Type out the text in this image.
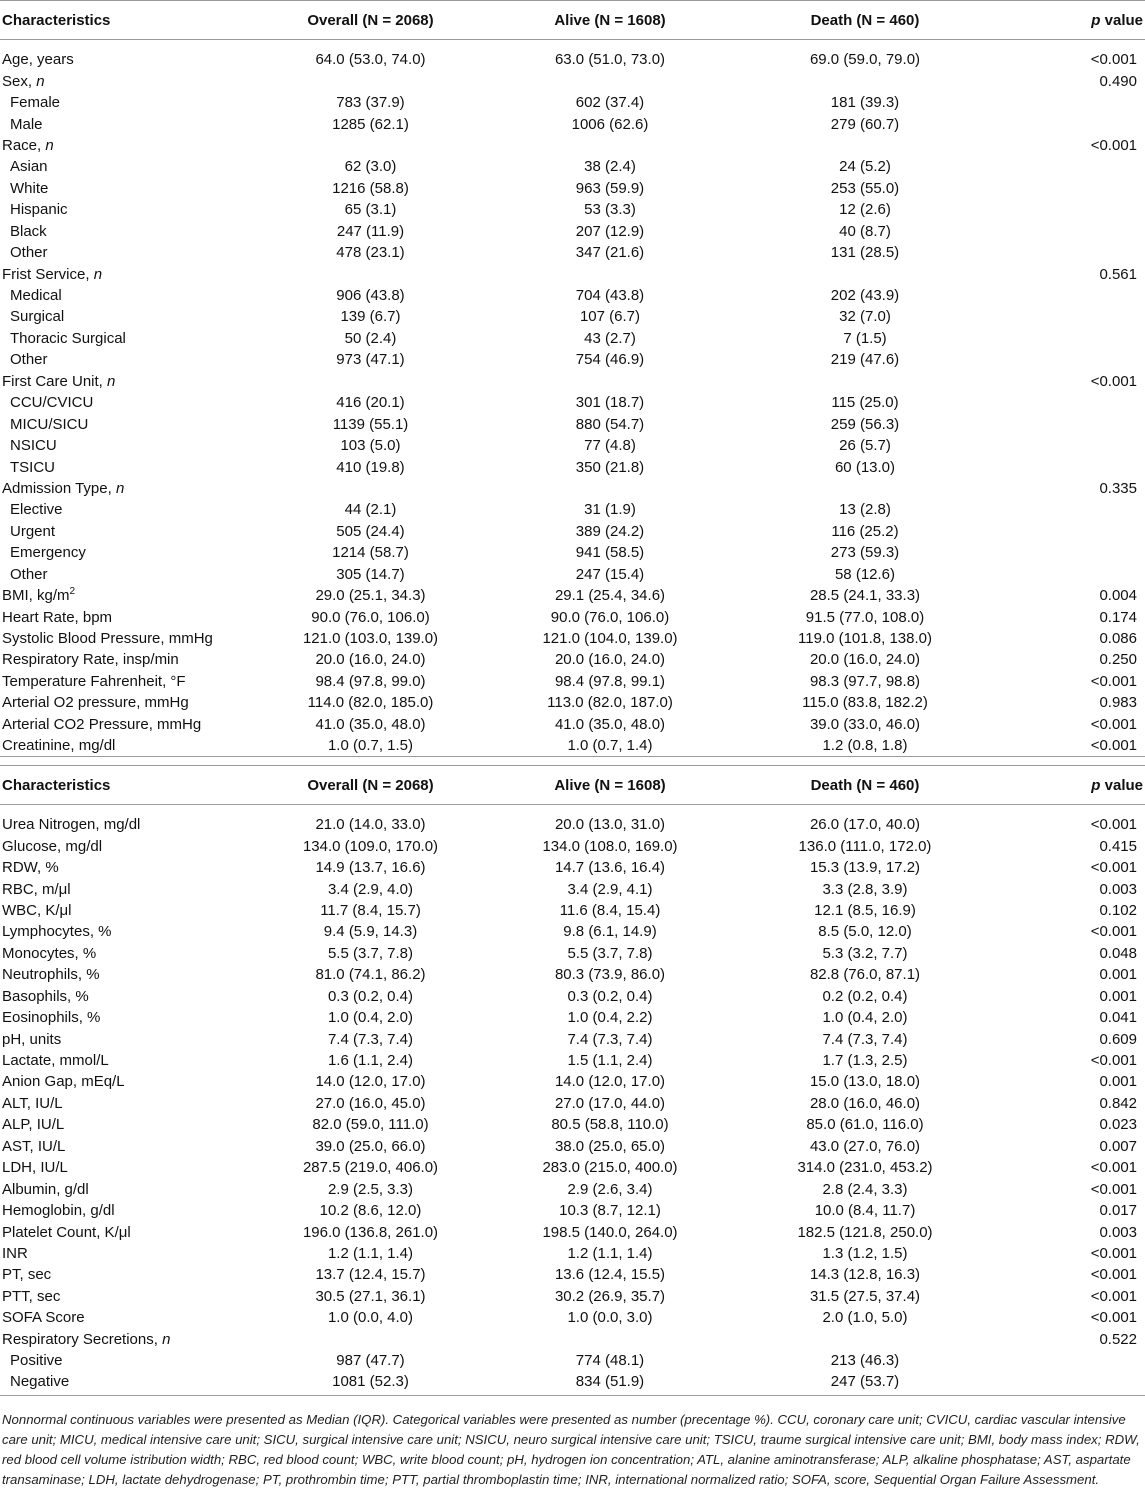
Characteristics	Overall (N = 2068)	Alive (N = 1608)	Death (N = 460)	p value

Age, years	64.0 (53.0, 74.0)	63.0 (51.0, 73.0)	69.0 (59.0, 79.0)	<0.001
Sex, n				0.490
Female	783 (37.9)	602 (37.4)	181 (39.3)	
Male	1285 (62.1)	1006 (62.6)	279 (60.7)	
Race, n				<0.001
Asian	62 (3.0)	38 (2.4)	24 (5.2)	
White	1216 (58.8)	963 (59.9)	253 (55.0)	
Hispanic	65 (3.1)	53 (3.3)	12 (2.6)	
Black	247 (11.9)	207 (12.9)	40 (8.7)	
Other	478 (23.1)	347 (21.6)	131 (28.5)	
Frist Service, n				0.561
Medical	906 (43.8)	704 (43.8)	202 (43.9)	
Surgical	139 (6.7)	107 (6.7)	32 (7.0)	
Thoracic Surgical	50 (2.4)	43 (2.7)	7 (1.5)	
Other	973 (47.1)	754 (46.9)	219 (47.6)	
First Care Unit, n				<0.001
CCU/CVICU	416 (20.1)	301 (18.7)	115 (25.0)	
MICU/SICU	1139 (55.1)	880 (54.7)	259 (56.3)	
NSICU	103 (5.0)	77 (4.8)	26 (5.7)	
TSICU	410 (19.8)	350 (21.8)	60 (13.0)	
Admission Type, n				0.335
Elective	44 (2.1)	31 (1.9)	13 (2.8)	
Urgent	505 (24.4)	389 (24.2)	116 (25.2)	
Emergency	1214 (58.7)	941 (58.5)	273 (59.3)	
Other	305 (14.7)	247 (15.4)	58 (12.6)	
BMI, $kg/m^2$	29.0 (25.1, 34.3)	29.1 (25.4, 34.6)	28.5 (24.1, 33.3)	0.004
Heart Rate, bpm	90.0 (76.0, 106.0)	90.0 (76.0, 106.0)	91.5 (77.0, 108.0)	0.174
Systolic Blood Pressure, mmHg	121.0 (103.0, 139.0)	121.0 (104.0, 139.0)	119.0 (101.8, 138.0)	0.086
Respiratory Rate, insp/min	20.0 (16.0, 24.0)	20.0 (16.0, 24.0)	20.0 (16.0, 24.0)	0.250
Temperature Fahrenheit, °F	98.4 (97.8, 99.0)	98.4 (97.8, 99.1)	98.3 (97.7, 98.8)	<0.001
Arterial O2 pressure, mmHg	114.0 (82.0, 185.0)	113.0 (82.0, 187.0)	115.0 (83.8, 182.2)	0.983
Arterial CO2 Pressure, mmHg	41.0 (35.0, 48.0)	41.0 (35.0, 48.0)	39.0 (33.0, 46.0)	<0.001
Creatinine, mg/dl	1.0 (0.7, 1.5)	1.0 (0.7, 1.4)	1.2 (0.8, 1.8)	<0.001
Characteristics	Overall (N = 2068)	Alive (N = 1608)	Death (N = 460)	p value

Urea Nitrogen, mg/dl	21.0 (14.0, 33.0)	20.0 (13.0, 31.0)	26.0 (17.0, 40.0)	<0.001
Glucose, mg/dl	134.0 (109.0, 170.0)	134.0 (108.0, 169.0)	136.0 (111.0, 172.0)	0.415
RDW, %	14.9 (13.7, 16.6)	14.7 (13.6, 16.4)	15.3 (13.9, 17.2)	<0.001
RBC, m/μl	3.4 (2.9, 4.0)	3.4 (2.9, 4.1)	3.3 (2.8, 3.9)	0.003
WBC, K/μl	11.7 (8.4, 15.7)	11.6 (8.4, 15.4)	12.1 (8.5, 16.9)	0.102
Lymphocytes, %	9.4 (5.9, 14.3)	9.8 (6.1, 14.9)	8.5 (5.0, 12.0)	<0.001
Monocytes, %	5.5 (3.7, 7.8)	5.5 (3.7, 7.8)	5.3 (3.2, 7.7)	0.048
Neutrophils, %	81.0 (74.1, 86.2)	80.3 (73.9, 86.0)	82.8 (76.0, 87.1)	0.001
Basophils, %	0.3 (0.2, 0.4)	0.3 (0.2, 0.4)	0.2 (0.2, 0.4)	0.001
Eosinophils, %	1.0 (0.4, 2.0)	1.0 (0.4, 2.2)	1.0 (0.4, 2.0)	0.041
pH, units	7.4 (7.3, 7.4)	7.4 (7.3, 7.4)	7.4 (7.3, 7.4)	0.609
Lactate, mmol/L	1.6 (1.1, 2.4)	1.5 (1.1, 2.4)	1.7 (1.3, 2.5)	<0.001
Anion Gap, mEq/L	14.0 (12.0, 17.0)	14.0 (12.0, 17.0)	15.0 (13.0, 18.0)	0.001
ALT, IU/L	27.0 (16.0, 45.0)	27.0 (17.0, 44.0)	28.0 (16.0, 46.0)	0.842
ALP, IU/L	82.0 (59.0, 111.0)	80.5 (58.8, 110.0)	85.0 (61.0, 116.0)	0.023
AST, IU/L	39.0 (25.0, 66.0)	38.0 (25.0, 65.0)	43.0 (27.0, 76.0)	0.007
LDH, IU/L	287.5 (219.0, 406.0)	283.0 (215.0, 400.0)	314.0 (231.0, 453.2)	<0.001
Albumin, g/dl	2.9 (2.5, 3.3)	2.9 (2.6, 3.4)	2.8 (2.4, 3.3)	<0.001
Hemoglobin, g/dl	10.2 (8.6, 12.0)	10.3 (8.7, 12.1)	10.0 (8.4, 11.7)	0.017
Platelet Count, K/μl	196.0 (136.8, 261.0)	198.5 (140.0, 264.0)	182.5 (121.8, 250.0)	0.003
INR	1.2 (1.1, 1.4)	1.2 (1.1, 1.4)	1.3 (1.2, 1.5)	<0.001
PT, sec	13.7 (12.4, 15.7)	13.6 (12.4, 15.5)	14.3 (12.8, 16.3)	<0.001
PTT, sec	30.5 (27.1, 36.1)	30.2 (26.9, 35.7)	31.5 (27.5, 37.4)	<0.001
SOFA Score	1.0 (0.0, 4.0)	1.0 (0.0, 3.0)	2.0 (1.0, 5.0)	<0.001
Respiratory Secretions, n				0.522
Positive	987 (47.7)	774 (48.1)	213 (46.3)	
Negative	1081 (52.3)	834 (51.9)	247 (53.7)	

Nonnormal continuous variables were presented as Median (IQR). Categorical variables were presented as number (precentage %). CCU, coronary care unit; CVICU, cardiac vascular intensive care unit; MICU, medical intensive care unit; SICU, surgical intensive care unit; NSICU, neuro surgical intensive care unit; TSICU, traume surgical intensive care unit; BMI, body mass index; RDW, red blood cell volume istribution width; RBC, red blood count; WBC, write blood count; pH, hydrogen ion concentration; ATL, alanine aminotransferase; ALP, alkaline phosphatase; AST, aspartate transaminase; LDH, lactate dehydrogenase; PT, prothrombin time; PTT, partial thromboplastin time; INR, international normalized ratio; SOFA, score, Sequential Organ Failure Assessment.
